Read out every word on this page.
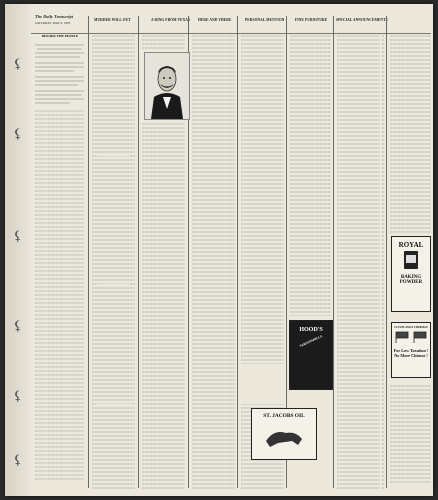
⚸
⚸
⚸
⚸
⚸
⚸
The Daily Transcript
SATURDAY, MAY 6, 1893
MURDER WILL OUT	A RING FROM TEXAS HERE AND THERE	PERSONAL MENTION	FINE FURNITURE SPECIAL ANNOUNCEMENTS
BEFORE THE PEOPLE
HOOD'S
SARSAPARILLA
ST. JACOBS OIL
ROYAL
BAKING
POWDER
CLEVELAND & THURMAN
For Low Taxation !
No More Chinese !
